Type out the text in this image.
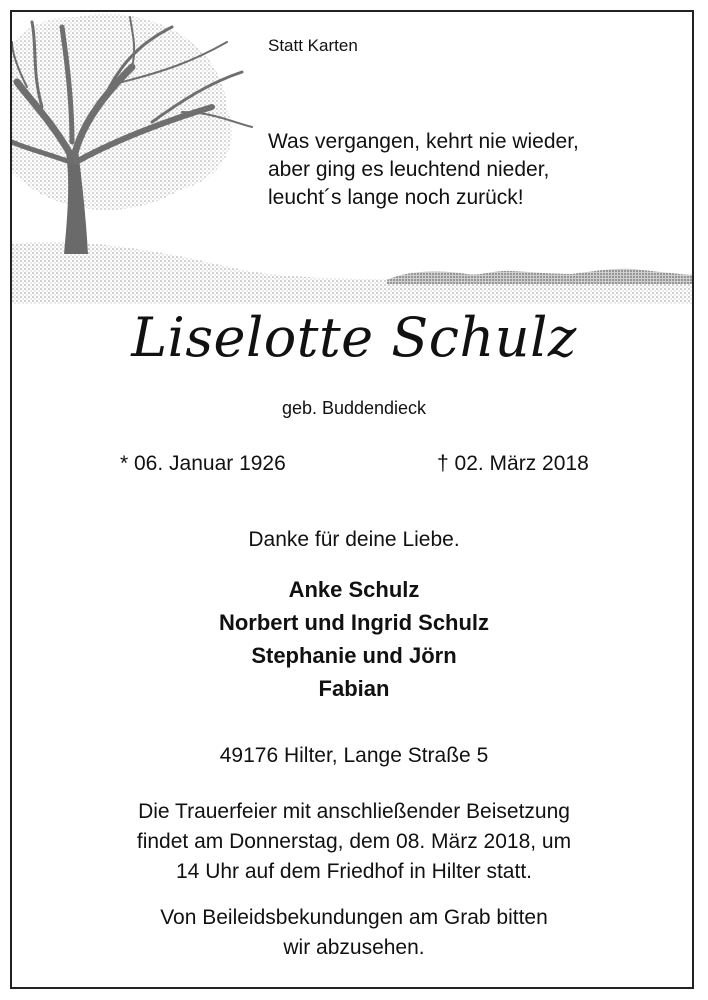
Statt Karten
Was vergangen, kehrt nie wieder,
aber ging es leuchtend nieder,
leucht´s lange noch zurück!
Liselotte Schulz
geb. Buddendieck
* 06. Januar 1926	† 02. März 2018
Danke für deine Liebe.
Anke Schulz
Norbert und Ingrid Schulz
Stephanie und Jörn
Fabian
49176 Hilter, Lange Straße 5
Die Trauerfeier mit anschließender Beisetzung
findet am Donnerstag, dem 08. März 2018, um
14 Uhr auf dem Friedhof in Hilter statt.
Von Beileidsbekundungen am Grab bitten
wir abzusehen.
